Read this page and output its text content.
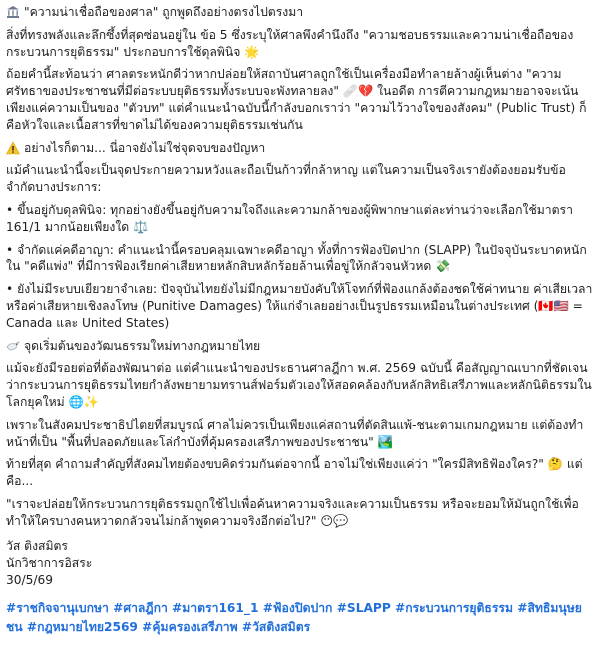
"ความน่าเชื่อถือของศาล" ถูกพูดถึงอย่างตรงไปตรงมา

สิ่งที่ทรงพลังและลึกซึ้งที่สุดซ่อนอยู่ใน ข้อ 5 ซึ่งระบุให้ศาลพึงคำนึงถึง "ความชอบธรรมและความน่าเชื่อถือของกระบวนการยุติธรรม" ประกอบการใช้ดุลพินิจ 🌟

ถ้อยคำนี้สะท้อนว่า ศาลตระหนักดีว่าหากปล่อยให้สถาบันศาลถูกใช้เป็นเครื่องมือทำลายล้างผู้เห็นต่าง "ความศรัทธาของประชาชนที่มีต่อระบบยุติธรรมทั้งระบบจะพังทลายลง" 🩹💔 ในอดีต การตีความกฎหมายอาจจะเน้นเพียงแค่ความเป็นของ "ตัวบท" แต่คำแนะนำฉบับนี้กำลังบอกเราว่า "ความไว้วางใจของสังคม" (Public Trust) ก็คือหัวใจและเนื้อสารที่ขาดไม่ได้ของความยุติธรรมเช่นกัน

อย่างไรก็ตาม... นี่อาจยังไม่ใช่จุดจบของปัญหา

แม้คำแนะนำนี้จะเป็นจุดประกายความหวังและถือเป็นก้าวที่กล้าหาญ แต่ในความเป็นจริงเรายังต้องยอมรับข้อจำกัดบางประการ:

• ขึ้นอยู่กับดุลพินิจ: ทุกอย่างยังขึ้นอยู่กับความใจถึงและความกล้าของผู้พิพากษาแต่ละท่านว่าจะเลือกใช้มาตรา 161/1 มากน้อยเพียงใด ⚖️

• จำกัดแค่คดีอาญา: คำแนะนำนี้ครอบคลุมเฉพาะคดีอาญา ทั้งที่การฟ้องปิดปาก (SLAPP) ในปัจจุบันระบาดหนักใน "คดีแพ่ง" ที่มีการฟ้องเรียกค่าเสียหายหลักสิบหลักร้อยล้านเพื่อขู่ให้กลัวจนหัวหด 💸

• ยังไม่มีระบบเยียวยาจำเลย: ปัจจุบันไทยยังไม่มีกฎหมายบังคับให้โจทก์ที่ฟ้องแกล้งต้องชดใช้ค่าทนาย ค่าเสียเวลา หรือค่าเสียหายเชิงลงโทษ (Punitive Damages) ให้แก่จำเลยอย่างเป็นรูปธรรมเหมือนในต่างประเทศ (🇨🇦🇺🇸 = Canada และ United States)

จุดเริ่มต้นของวัฒนธรรมใหม่ทางกฎหมายไทย

แม้จะยังมีรอยต่อที่ต้องพัฒนาต่อ แต่คำแนะนำของประธานศาลฎีกา พ.ศ. 2569 ฉบับนี้ คือสัญญาณเบากที่ชัดเจนว่ากระบวนการยุติธรรมไทยกำลังพยายามทรานส์ฟอร์มตัวเองให้สอดคล้องกับหลักสิทธิเสรีภาพและหลักนิติธรรมในโลกยุคใหม่ 🌐✨

เพราะในสังคมประชาธิปไตยที่สมบูรณ์ ศาลไม่ควรเป็นเพียงแค่สถานที่ตัดสินแพ้-ชนะตามเกมกฎหมาย แต่ต้องทำหน้าที่เป็น "พื้นที่ปลอดภัยและโล่กำบังที่คุ้มครองเสรีภาพของประชาชน" 🏞️

ท้ายที่สุด คำถามสำคัญที่สังคมไทยต้องขบคิดร่วมกันต่อจากนี้ อาจไม่ใช่เพียงแค่ว่า "ใครมีสิทธิฟ้องใคร?" 🤔 แต่คือ...

"เราจะปล่อยให้กระบวนการยุติธรรมถูกใช้ไปเพื่อค้นหาความจริงและความเป็นธรรม หรือจะยอมให้มันถูกใช้เพื่อทำให้ใครบางคนหวาดกลัวจนไม่กล้าพูดความจริงอีกต่อไป?" 😶💬

วัส ติงสมิตร

นักวิชาการอิสระ

30/5/69

#ราชกิจจานุเบกษา #ศาลฎีกา #มาตรา161_1 #ฟ้องปิดปาก #SLAPP #กระบวนการยุติธรรม #สิทธิมนุษยชน #กฎหมายไทย2569 #คุ้มครองเสรีภาพ #วัสติงสมิตร
